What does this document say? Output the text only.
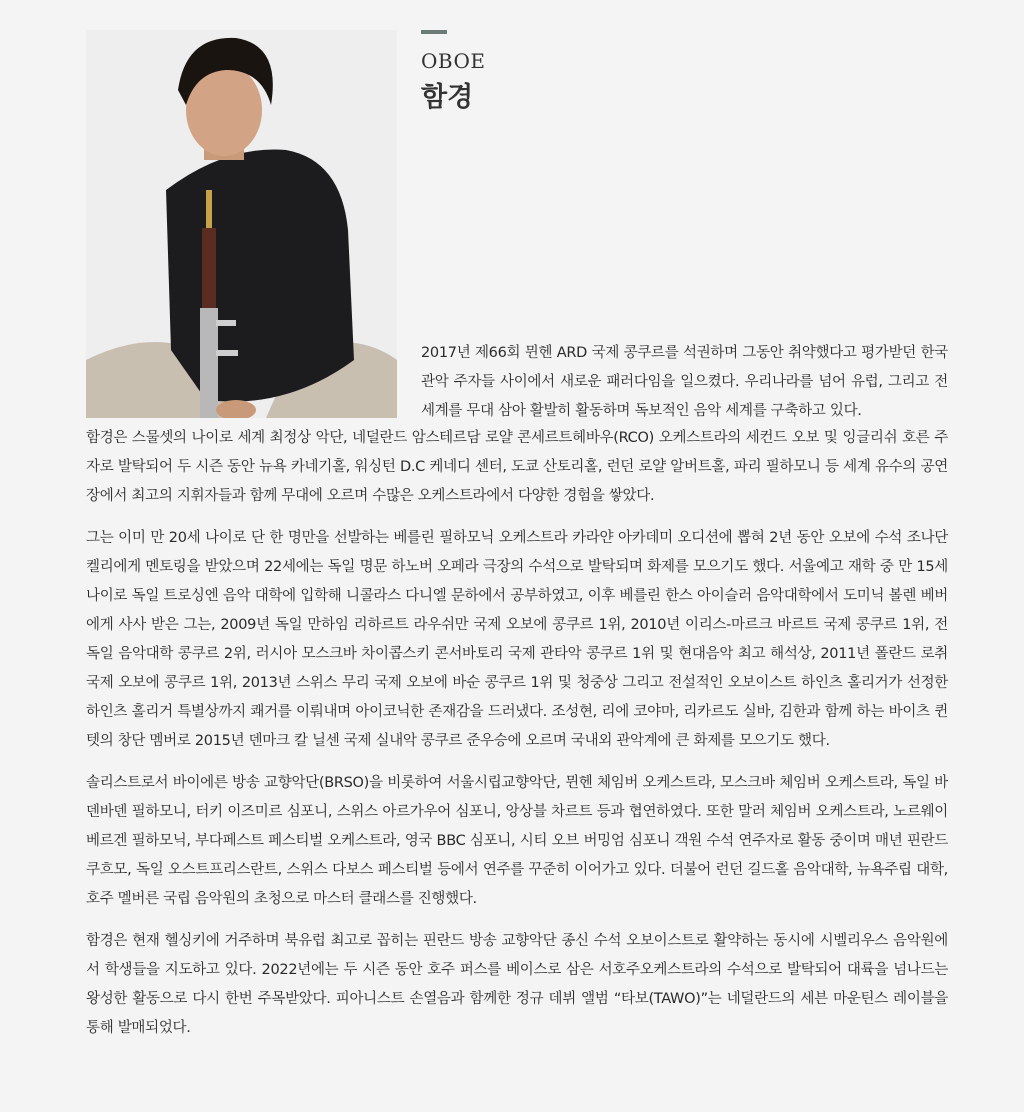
OBOE
함경

2017년 제66회 뮌헨 ARD 국제 콩쿠르를 석권하며 그동안 취약했다고 평가받던 한국관악 주자들 사이에서 새로운 패러다임을 일으켰다. 우리나라를 넘어 유럽, 그리고 전 세계를 무대 삼아 활발히 활동하며 독보적인 음악 세계를 구축하고 있다.

함경은 스물셋의 나이로 세계 최정상 악단, 네덜란드 암스테르담 로얄 콘세르트헤바우(RCO) 오케스트라의 세컨드 오보 및 잉글리쉬 호른 주자로 발탁되어 두 시즌 동안 뉴욕 카네기홀, 워싱턴 D.C 케네디 센터, 도쿄 산토리홀, 런던 로얄 알버트홀, 파리 필하모니 등 세계 유수의 공연장에서 최고의 지휘자들과 함께 무대에 오르며 수많은 오케스트라에서 다양한 경험을 쌓았다.

그는 이미 만 20세 나이로 단 한 명만을 선발하는 베를린 필하모닉 오케스트라 카라얀 아카데미 오디션에 뽑혀 2년 동안 오보에 수석 조나단 켈리에게 멘토링을 받았으며 22세에는 독일 명문 하노버 오페라 극장의 수석으로 발탁되며 화제를 모으기도 했다. 서울예고 재학 중 만 15세 나이로 독일 트로싱엔 음악 대학에 입학해 니콜라스 다니엘 문하에서 공부하였고, 이후 베를린 한스 아이슬러 음악대학에서 도미닉 볼렌 베버에게 사사 받은 그는, 2009년 독일 만하임 리하르트 라우쉬만 국제 오보에 콩쿠르 1위, 2010년 이리스-마르크 바르트 국제 콩쿠르 1위, 전 독일 음악대학 콩쿠르 2위, 러시아 모스크바 차이콥스키 콘서바토리 국제 관타악 콩쿠르 1위 및 현대음악 최고 해석상, 2011년 폴란드 로취 국제 오보에 콩쿠르 1위, 2013년 스위스 무리 국제 오보에 바순 콩쿠르 1위 및 청중상 그리고 전설적인 오보이스트 하인츠 홀리거가 선정한 하인츠 홀리거 특별상까지 쾌거를 이뤄내며 아이코닉한 존재감을 드러냈다. 조성현, 리에 코야마, 리카르도 실바, 김한과 함께 하는 바이츠 퀸텟의 창단 멤버로 2015년 덴마크 칼 닐센 국제 실내악 콩쿠르 준우승에 오르며 국내외 관악계에 큰 화제를 모으기도 했다.

솔리스트로서 바이에른 방송 교향악단(BRSO)을 비롯하여 서울시립교향악단, 뮌헨 체임버 오케스트라, 모스크바 체임버 오케스트라, 독일 바덴바덴 필하모니, 터키 이즈미르 심포니, 스위스 아르가우어 심포니, 앙상블 차르트 등과 협연하였다. 또한 말러 체임버 오케스트라, 노르웨이 베르겐 필하모닉, 부다페스트 페스티벌 오케스트라, 영국 BBC 심포니, 시티 오브 버밍엄 심포니 객원 수석 연주자로 활동 중이며 매년 핀란드 쿠흐모, 독일 오스트프리스란트, 스위스 다보스 페스티벌 등에서 연주를 꾸준히 이어가고 있다. 더불어 런던 길드홀 음악대학, 뉴욕주립 대학, 호주 멜버른 국립 음악원의 초청으로 마스터 클래스를 진행했다.

함경은 현재 헬싱키에 거주하며 북유럽 최고로 꼽히는 핀란드 방송 교향악단 종신 수석 오보이스트로 활약하는 동시에 시벨리우스 음악원에서 학생들을 지도하고 있다. 2022년에는 두 시즌 동안 호주 퍼스를 베이스로 삼은 서호주오케스트라의 수석으로 발탁되어 대륙을 넘나드는 왕성한 활동으로 다시 한번 주목받았다. 피아니스트 손열음과 함께한 정규 데뷔 앨범 “타보(TAWO)”는 네덜란드의 세븐 마운틴스 레이블을 통해 발매되었다.
